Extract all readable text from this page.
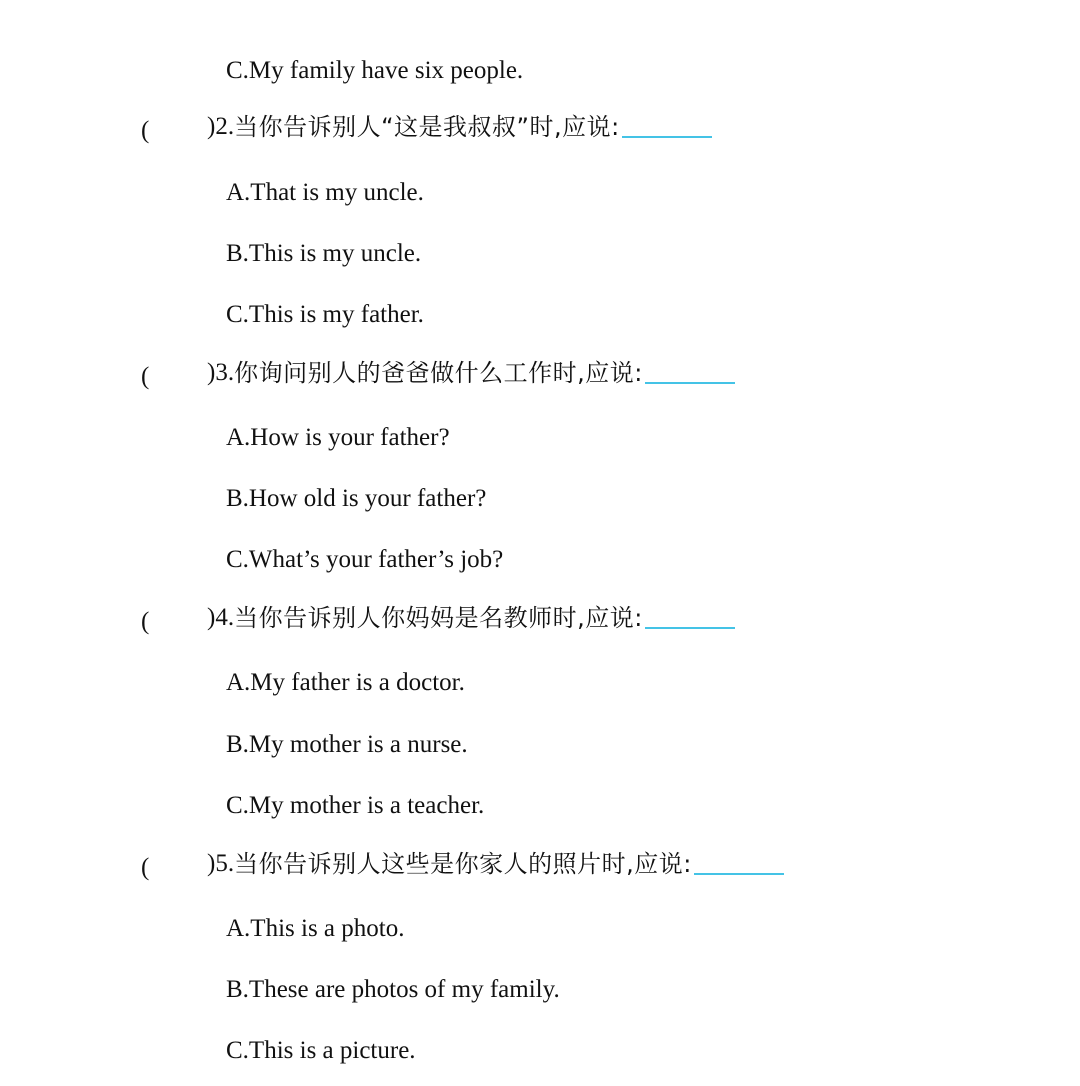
C.My family have six people.
( )2. 当你告诉别人“这是我叔叔”时,应说:
A.That is my uncle.
B.This is my uncle.
C.This is my father.
( )3. 你询问别人的爸爸做什么工作时,应说:
A.How is your father?
B.How old is your father?
C.What’s your father’s job?
( )4. 当你告诉别人你妈妈是名教师时,应说:
A.My father is a doctor.
B.My mother is a nurse.
C.My mother is a teacher.
( )5. 当你告诉别人这些是你家人的照片时,应说:
A.This is a photo.
B.These are photos of my family.
C.This is a picture.
